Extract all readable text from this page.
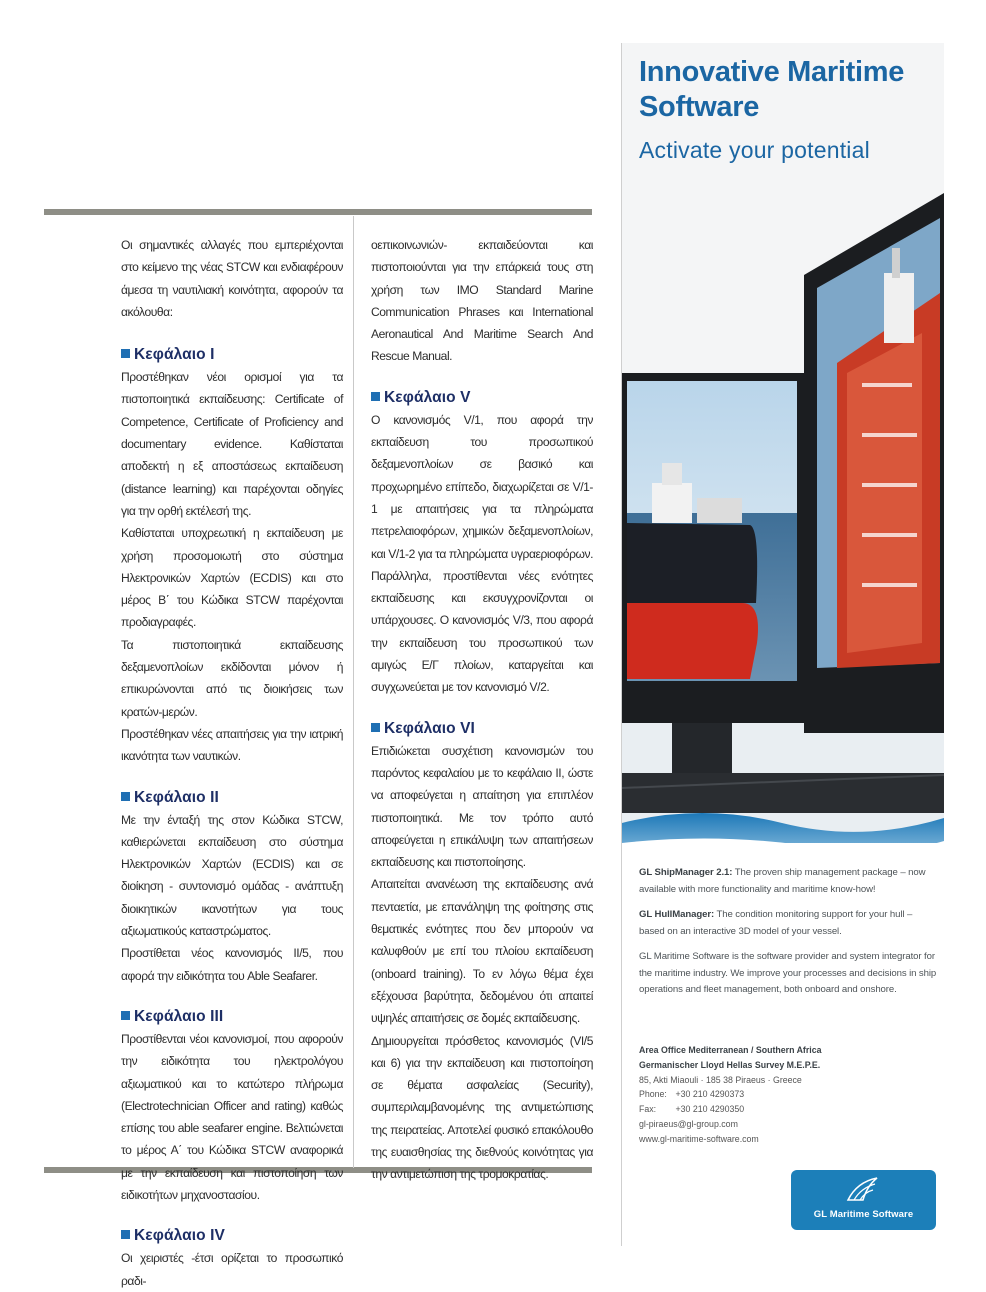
Οι σημαντικές αλλαγές που εμπεριέχονται στο κείμενο της νέας STCW και ενδιαφέρουν άμεσα τη ναυτιλιακή κοινότητα, αφορούν τα ακόλουθα:

Κεφάλαιο Ι

Προστέθηκαν νέοι ορισμοί για τα πιστοποιητικά εκπαίδευσης: Certificate of Competence, Certificate of Proficiency and documentary evidence. Καθίσταται αποδεκτή η εξ αποστάσεως εκπαίδευση (distance learning) και παρέχονται οδηγίες για την ορθή εκτέλεσή της.

Καθίσταται υποχρεωτική η εκπαίδευση με χρήση προσομοιωτή στο σύστημα Ηλεκτρονικών Χαρτών (ECDIS) και στο μέρος Β΄ του Κώδικα STCW παρέχονται προδιαγραφές.

Τα πιστοποιητικά εκπαίδευσης δεξαμενοπλοίων εκδίδονται μόνον ή επικυρώνονται από τις διοικήσεις των κρατών-μερών.

Προστέθηκαν νέες απαιτήσεις για την ιατρική ικανότητα των ναυτικών.

Κεφάλαιο ΙΙ

Με την ένταξή της στον Κώδικα STCW, καθιερώνεται εκπαίδευση στο σύστημα Ηλεκτρονικών Χαρτών (ECDIS) και σε διοίκηση - συντονισμό ομάδας - ανάπτυξη διοικητικών ικανοτήτων για τους αξιωματικούς καταστρώματος.

Προστίθεται νέος κανονισμός ΙΙ/5, που αφορά την ειδικότητα του Able Seafarer.

Κεφάλαιο ΙΙΙ

Προστίθενται νέοι κανονισμοί, που αφορούν την ειδικότητα του ηλεκτρολόγου αξιωματικού και το κατώτερο πλήρωμα (Electrotechnician Officer and rating) καθώς επίσης του able seafarer engine. Βελτιώνεται το μέρος Α΄ του Κώδικα STCW αναφορικά με την εκπαίδευση και πιστοποίηση των ειδικοτήτων μηχανοστασίου.

Κεφάλαιο ΙV

Οι χειριστές -έτσι ορίζεται το προσωπικό ραδι-

οεπικοινωνιών- εκπαιδεύονται και πιστοποιούνται για την επάρκειά τους στη χρήση των IMO Standard Marine Communication Phrases και International Aeronautical And Maritime Search And Rescue Manual.

Κεφάλαιο V

Ο κανονισμός V/1, που αφορά την εκπαίδευση του προσωπικού δεξαμενοπλοίων σε βασικό και προχωρημένο επίπεδο, διαχωρίζεται σε V/1-1 με απαιτήσεις για τα πληρώματα πετρελαιοφόρων, χημικών δεξαμενοπλοίων, και V/1-2 για τα πληρώματα υγραεριοφόρων. Παράλληλα, προστίθενται νέες ενότητες εκπαίδευσης και εκσυγχρονίζονται οι υπάρχουσες. Ο κανονισμός V/3, που αφορά την εκπαίδευση του προσωπικού των αμιγώς Ε/Γ πλοίων, καταργείται και συγχωνεύεται με τον κανονισμό V/2.

Κεφάλαιο VΙ

Επιδιώκεται συσχέτιση κανονισμών του παρόντος κεφαλαίου με το κεφάλαιο ΙΙ, ώστε να αποφεύγεται η απαίτηση για επιπλέον πιστοποιητικά. Με τον τρόπο αυτό αποφεύγεται η επικάλυψη των απαιτήσεων εκπαίδευσης και πιστοποίησης.

Απαιτείται ανανέωση της εκπαίδευσης ανά πενταετία, με επανάληψη της φοίτησης στις θεματικές ενότητες που δεν μπορούν να καλυφθούν με επί του πλοίου εκπαίδευση (onboard training). Το εν λόγω θέμα έχει εξέχουσα βαρύτητα, δεδομένου ότι απαιτεί υψηλές απαιτήσεις σε δομές εκπαίδευσης.

Δημιουργείται πρόσθετος κανονισμός (VI/5 και 6) για την εκπαίδευση και πιστοποίηση σε θέματα ασφαλείας (Security), συμπεριλαμβανομένης της αντιμετώπισης της πειρατείας. Αποτελεί φυσικό επακόλουθο της ευαισθησίας της διεθνούς κοινότητας για την αντιμετώπιση της τρομοκρατίας.

Innovative Maritime
Software
Activate your potential

GL ShipManager 2.1: The proven ship management package – now available with more functionality and maritime know-how!

GL HullManager: The condition monitoring support for your hull – based on an interactive 3D model of your vessel.

GL Maritime Software is the software provider and system integrator for the maritime industry. We improve your processes and decisions in ship operations and fleet management, both onboard and onshore.

Area Office Mediterranean / Southern Africa
Germanischer Lloyd Hellas Survey M.E.P.E.
85, Akti Miaouli · 185 38 Piraeus · Greece
Phone: +30 210 4290373
Fax: +30 210 4290350
gl-piraeus@gl-group.com
www.gl-maritime-software.com
GL Maritime Software
